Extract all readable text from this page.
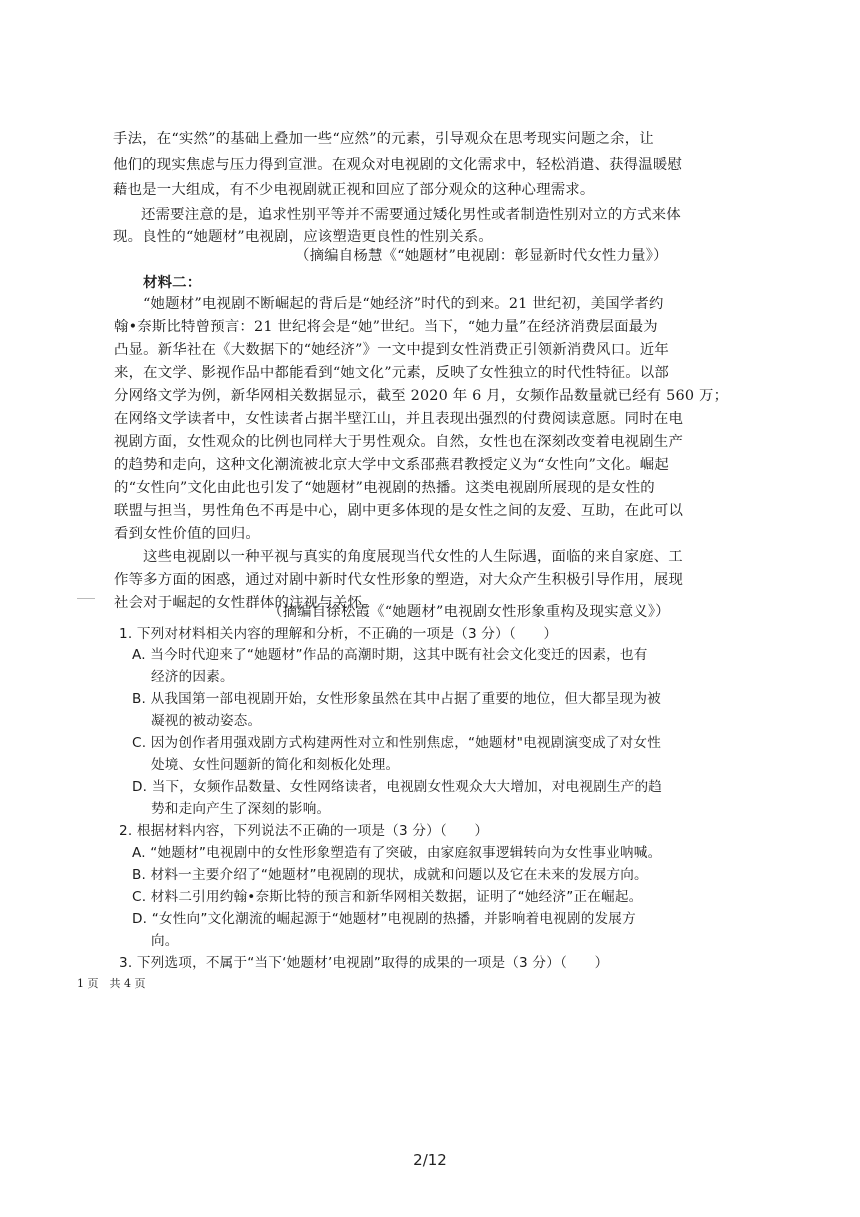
手法，在“实然”的基础上叠加一些“应然”的元素，引导观众在思考现实问题之余，让
他们的现实焦虑与压力得到宣泄。在观众对电视剧的文化需求中，轻松消遣、获得温暖慰
藉也是一大组成，有不少电视剧就正视和回应了部分观众的这种心理需求。
还需要注意的是，追求性别平等并不需要通过矮化男性或者制造性别对立的方式来体
现。良性的“她题材”电视剧，应该塑造更良性的性别关系。
（摘编自杨慧《“她题材”电视剧：彰显新时代女性力量》）
材料二：
“她题材”电视剧不断崛起的背后是“她经济”时代的到来。21 世纪初，美国学者约
翰•奈斯比特曾预言：21 世纪将会是“她”世纪。当下，“她力量”在经济消费层面最为
凸显。新华社在《大数据下的“她经济”》一文中提到女性消费正引领新消费风口。近年
来，在文学、影视作品中都能看到“她文化”元素，反映了女性独立的时代性特征。以部
分网络文学为例，新华网相关数据显示，截至 2020 年 6 月，女频作品数量就已经有 560 万；
在网络文学读者中，女性读者占据半壁江山，并且表现出强烈的付费阅读意愿。同时在电
视剧方面，女性观众的比例也同样大于男性观众。自然，女性也在深刻改变着电视剧生产
的趋势和走向，这种文化潮流被北京大学中文系邵燕君教授定义为“女性向”文化。崛起
的“女性向”文化由此也引发了“她题材”电视剧的热播。这类电视剧所展现的是女性的
联盟与担当，男性角色不再是中心，剧中更多体现的是女性之间的友爱、互助，在此可以
看到女性价值的回归。
这些电视剧以一种平视与真实的角度展现当代女性的人生际遇，面临的来自家庭、工
作等多方面的困惑，通过对剧中新时代女性形象的塑造，对大众产生积极引导作用，展现
社会对于崛起的女性群体的注视与关怀。
（摘编自徐松霞《“她题材”电视剧女性形象重构及现实意义》）
1. 下列对材料相关内容的理解和分析，不正确的一项是（3 分）（　　）
A. 当今时代迎来了“她题材”作品的高潮时期，这其中既有社会文化变迁的因素，也有
经济的因素。
B. 从我国第一部电视剧开始，女性形象虽然在其中占据了重要的地位，但大都呈现为被
凝视的被动姿态。
C. 因为创作者用强戏剧方式构建两性对立和性别焦虑，“她题材"电视剧演变成了对女性
处境、女性问题新的简化和刻板化处理。
D. 当下，女频作品数量、女性网络读者，电视剧女性观众大大增加，对电视剧生产的趋
势和走向产生了深刻的影响。
2. 根据材料内容，下列说法不正确的一项是（3 分）（　　）
A. “她题材”电视剧中的女性形象塑造有了突破，由家庭叙事逻辑转向为女性事业呐喊。
B. 材料一主要介绍了“她题材”电视剧的现状，成就和问题以及它在未来的发展方向。
C. 材料二引用约翰•奈斯比特的预言和新华网相关数据，证明了“她经济”正在崛起。
D. “女性向”文化潮流的崛起源于“她题材”电视剧的热播，并影响着电视剧的发展方
向。
3. 下列选项，不属于“当下‘她题材’电视剧”取得的成果的一项是（3 分）（　　）
1 页　共 4 页
2/12
